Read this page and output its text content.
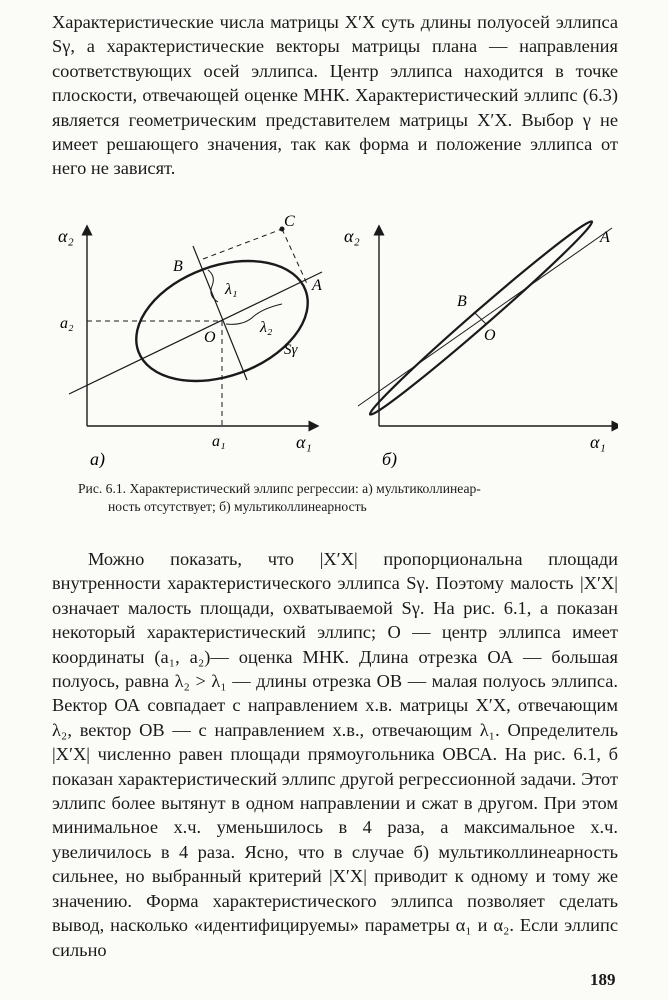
Характеристические числа матрицы X′X суть длины полуосей эллипса Sγ, а характеристические векторы матрицы плана — направления соответствующих осей эллипса. Центр эллипса находится в точке плоскости, отвечающей оценке МНК. Характеристический эллипс (6.3) является геометрическим представителем матрицы X′X. Выбор γ не имеет решающего значения, так как форма и положение эллипса от него не зависят.

α₂
α₁
B
C
A
O
λ₁
λ₂
Sγ
a₂
a₁
а)
α₂
α₁
A
B
O
б)
Рис. 6.1. Характеристический эллипс регрессии: а) мультиколлинеар-
ность отсутствует; б) мультиколлинеарность

Можно показать, что |X′X| пропорциональна площади внутренности характеристического эллипса Sγ. Поэтому малость |X′X| означает малость площади, охватываемой Sγ. На рис. 6.1, а показан некоторый характеристический эллипс; О — центр эллипса имеет координаты (a₁, a₂)— оценка МНК. Длина отрезка ОА — большая полуось, равна λ₂ > λ₁ — длины отрезка ОВ — малая полуось эллипса. Вектор ОА совпадает с направлением х.в. матрицы X′X, отвечающим λ₂, вектор ОВ — с направлением х.в., отвечающим λ₁. Определитель |X′X| численно равен площади прямоугольника ОВСА. На рис. 6.1, б показан характеристический эллипс другой регрессионной задачи. Этот эллипс более вытянут в одном направлении и сжат в другом. При этом минимальное х.ч. уменьшилось в 4 раза, а максимальное х.ч. увеличилось в 4 раза. Ясно, что в случае б) мультиколлинеарность сильнее, но выбранный критерий |X′X| приводит к одному и тому же значению. Форма характеристического эллипса позволяет сделать вывод, насколько «идентифицируемы» параметры α₁ и α₂. Если эллипс сильно

189
